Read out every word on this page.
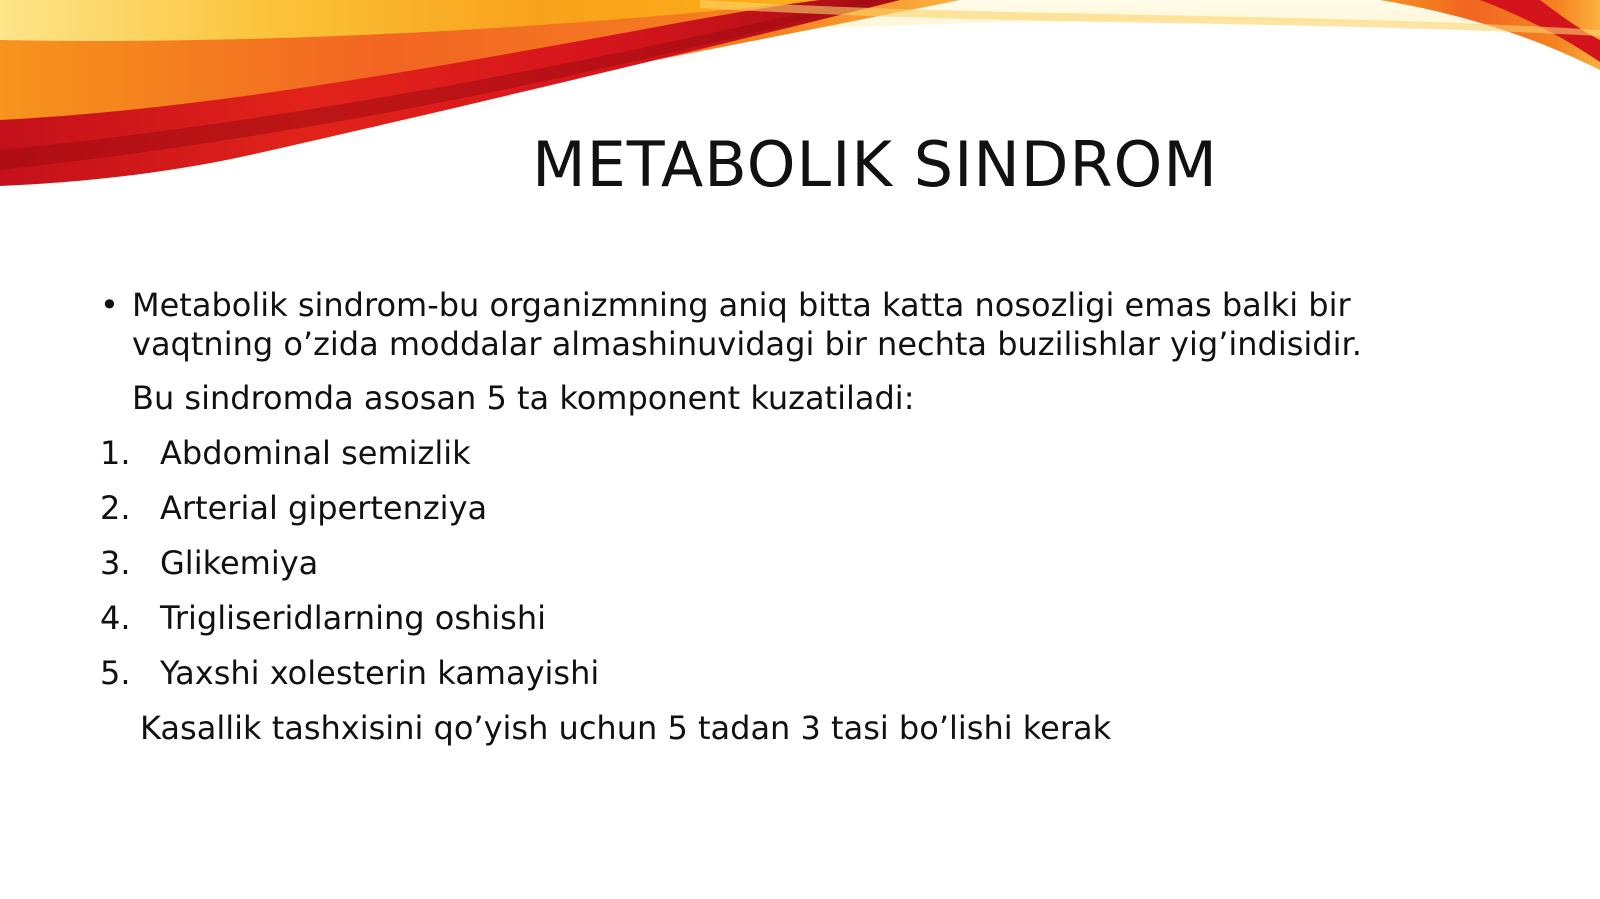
METABOLIK SINDROM
• Metabolik sindrom-bu organizmning aniq bitta katta nosozligi emas balki bir vaqtning o’zida moddalar almashinuvidagi bir nechta buzilishlar yig’indisidir.
Bu sindromda asosan 5 ta komponent kuzatiladi:
1. Abdominal semizlik
2. Arterial gipertenziya
3. Glikemiya
4. Trigliseridlarning oshishi
5. Yaxshi xolesterin kamayishi
Kasallik tashxisini qo’yish uchun 5 tadan 3 tasi bo’lishi kerak
